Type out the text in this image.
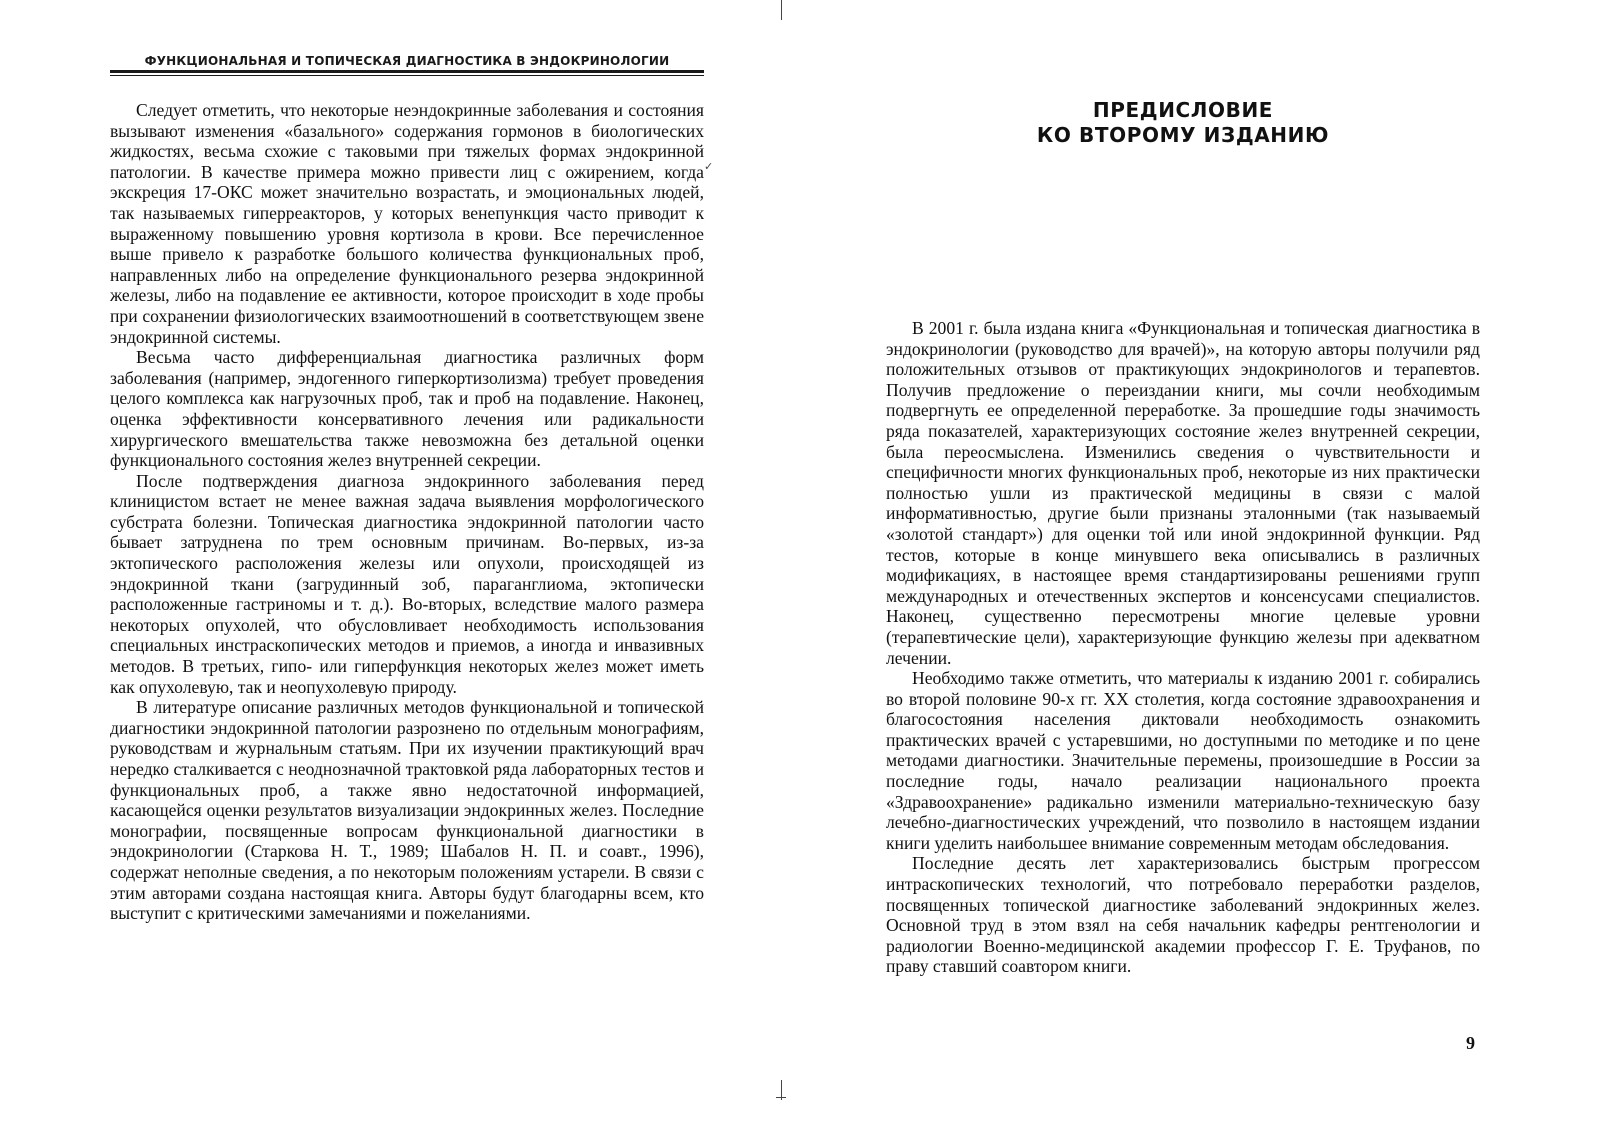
✓
ФУНКЦИОНАЛЬНАЯ И ТОПИЧЕСКАЯ ДИАГНОСТИКА В ЭНДОКРИНОЛОГИИ

Следует отметить, что некоторые неэндокринные заболевания и состояния вызывают изменения «базального» содержания гормонов в биологических жидкостях, весьма схожие с таковыми при тяжелых формах эндокринной патологии. В качестве примера можно привести лиц с ожирением, когда экскреция 17-ОКС может значительно возрастать, и эмоциональных людей, так называемых гиперреакторов, у которых венепункция часто приводит к выраженному повышению уровня кортизола в крови. Все перечисленное выше привело к разработке большого количества функциональных проб, направленных либо на определение функционального резерва эндокринной железы, либо на подавление ее активности, которое происходит в ходе пробы при сохранении физиологических взаимоотношений в соответствующем звене эндокринной системы.

Весьма часто дифференциальная диагностика различных форм заболевания (например, эндогенного гиперкортизолизма) требует проведения целого комплекса как нагрузочных проб, так и проб на подавление. Наконец, оценка эффективности консервативного лечения или радикальности хирургического вмешательства также невозможна без детальной оценки функционального состояния желез внутренней секреции.

После подтверждения диагноза эндокринного заболевания перед клиницистом встает не менее важная задача выявления морфологического субстрата болезни. Топическая диагностика эндокринной патологии часто бывает затруднена по трем основным причинам. Во-первых, из-за эктопического расположения железы или опухоли, происходящей из эндокринной ткани (загрудинный зоб, параганглиома, эктопически расположенные гастриномы и т. д.). Во-вторых, вследствие малого размера некоторых опухолей, что обусловливает необходимость использования специальных инстраскопических методов и приемов, а иногда и инвазивных методов. В третьих, гипо- или гиперфункция некоторых желез может иметь как опухолевую, так и неопухолевую природу.

В литературе описание различных методов функциональной и топической диагностики эндокринной патологии разрознено по отдельным монографиям, руководствам и журнальным статьям. При их изучении практикующий врач нередко сталкивается с неоднозначной трактовкой ряда лабораторных тестов и функциональных проб, а также явно недостаточной информацией, касающейся оценки результатов визуализации эндокринных желез. Последние монографии, посвященные вопросам функциональной диагностики в эндокринологии (Старкова Н. Т., 1989; Шабалов Н. П. и соавт., 1996), содержат неполные сведения, а по некоторым положениям устарели. В связи с этим авторами создана настоящая книга. Авторы будут благодарны всем, кто выступит с критическими замечаниями и пожеланиями.

ПРЕДИСЛОВИЕ
КО ВТОРОМУ ИЗДАНИЮ

В 2001 г. была издана книга «Функциональная и топическая диагностика в эндокринологии (руководство для врачей)», на которую авторы получили ряд положительных отзывов от практикующих эндокринологов и терапевтов. Получив предложение о переиздании книги, мы сочли необходимым подвергнуть ее определенной переработке. За прошедшие годы значимость ряда показателей, характеризующих состояние желез внутренней секреции, была переосмыслена. Изменились сведения о чувствительности и специфичности многих функциональных проб, некоторые из них практически полностью ушли из практической медицины в связи с малой информативностью, другие были признаны эталонными (так называемый «золотой стандарт») для оценки той или иной эндокринной функции. Ряд тестов, которые в конце минувшего века описывались в различных модификациях, в настоящее время стандартизированы решениями групп международных и отечественных экспертов и консенсусами специалистов. Наконец, существенно пересмотрены многие целевые уровни (терапевтические цели), характеризующие функцию железы при адекватном лечении.

Необходимо также отметить, что материалы к изданию 2001 г. собирались во второй половине 90-х гг. XX столетия, когда состояние здравоохранения и благосостояния населения диктовали необходимость ознакомить практических врачей с устаревшими, но доступными по методике и по цене методами диагностики. Значительные перемены, произошедшие в России за последние годы, начало реализации национального проекта «Здравоохранение» радикально изменили материально-техническую базу лечебно-диагностических учреждений, что позволило в настоящем издании книги уделить наибольшее внимание современным методам обследования.

Последние десять лет характеризовались быстрым прогрессом интраскопических технологий, что потребовало переработки разделов, посвященных топической диагностике заболеваний эндокринных желез. Основной труд в этом взял на себя начальник кафедры рентгенологии и радиологии Военно-медицинской академии профессор Г. Е. Труфанов, по праву ставший соавтором книги.

9
